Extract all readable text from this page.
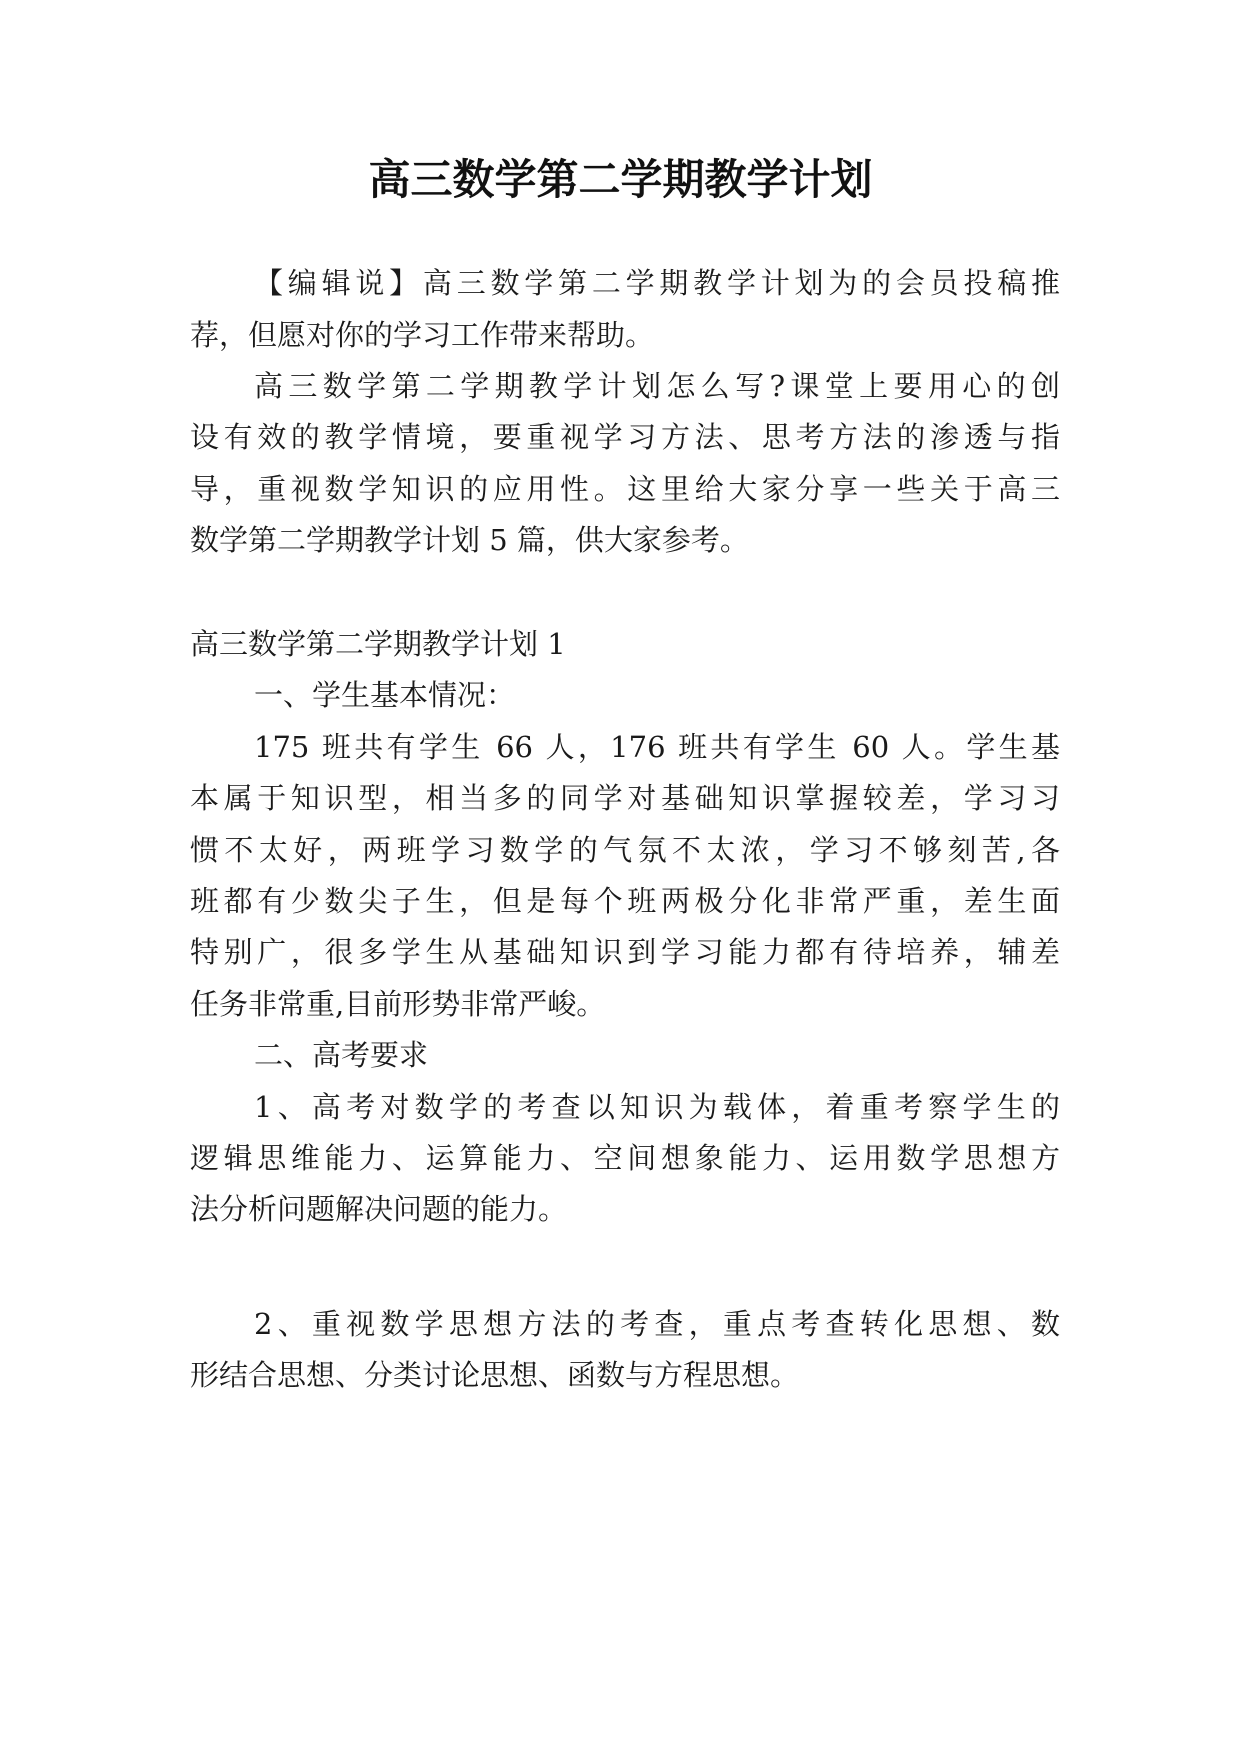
高三数学第二学期教学计划

【编辑说】高三数学第二学期教学计划为的会员投稿推

荐，但愿对你的学习工作带来帮助。

高三数学第二学期教学计划怎么写?课堂上要用心的创

设有效的教学情境，要重视学习方法、思考方法的渗透与指

导，重视数学知识的应用性。这里给大家分享一些关于高三

数学第二学期教学计划 5 篇，供大家参考。

高三数学第二学期教学计划 1

一、学生基本情况：

175 班共有学生 66 人，176 班共有学生 60 人。学生基

本属于知识型，相当多的同学对基础知识掌握较差，学习习

惯不太好，两班学习数学的气氛不太浓，学习不够刻苦,各

班都有少数尖子生，但是每个班两极分化非常严重，差生面

特别广，很多学生从基础知识到学习能力都有待培养，辅差

任务非常重,目前形势非常严峻。

二、高考要求

1、高考对数学的考查以知识为载体，着重考察学生的

逻辑思维能力、运算能力、空间想象能力、运用数学思想方

法分析问题解决问题的能力。

2、重视数学思想方法的考查，重点考查转化思想、数

形结合思想、分类讨论思想、函数与方程思想。
